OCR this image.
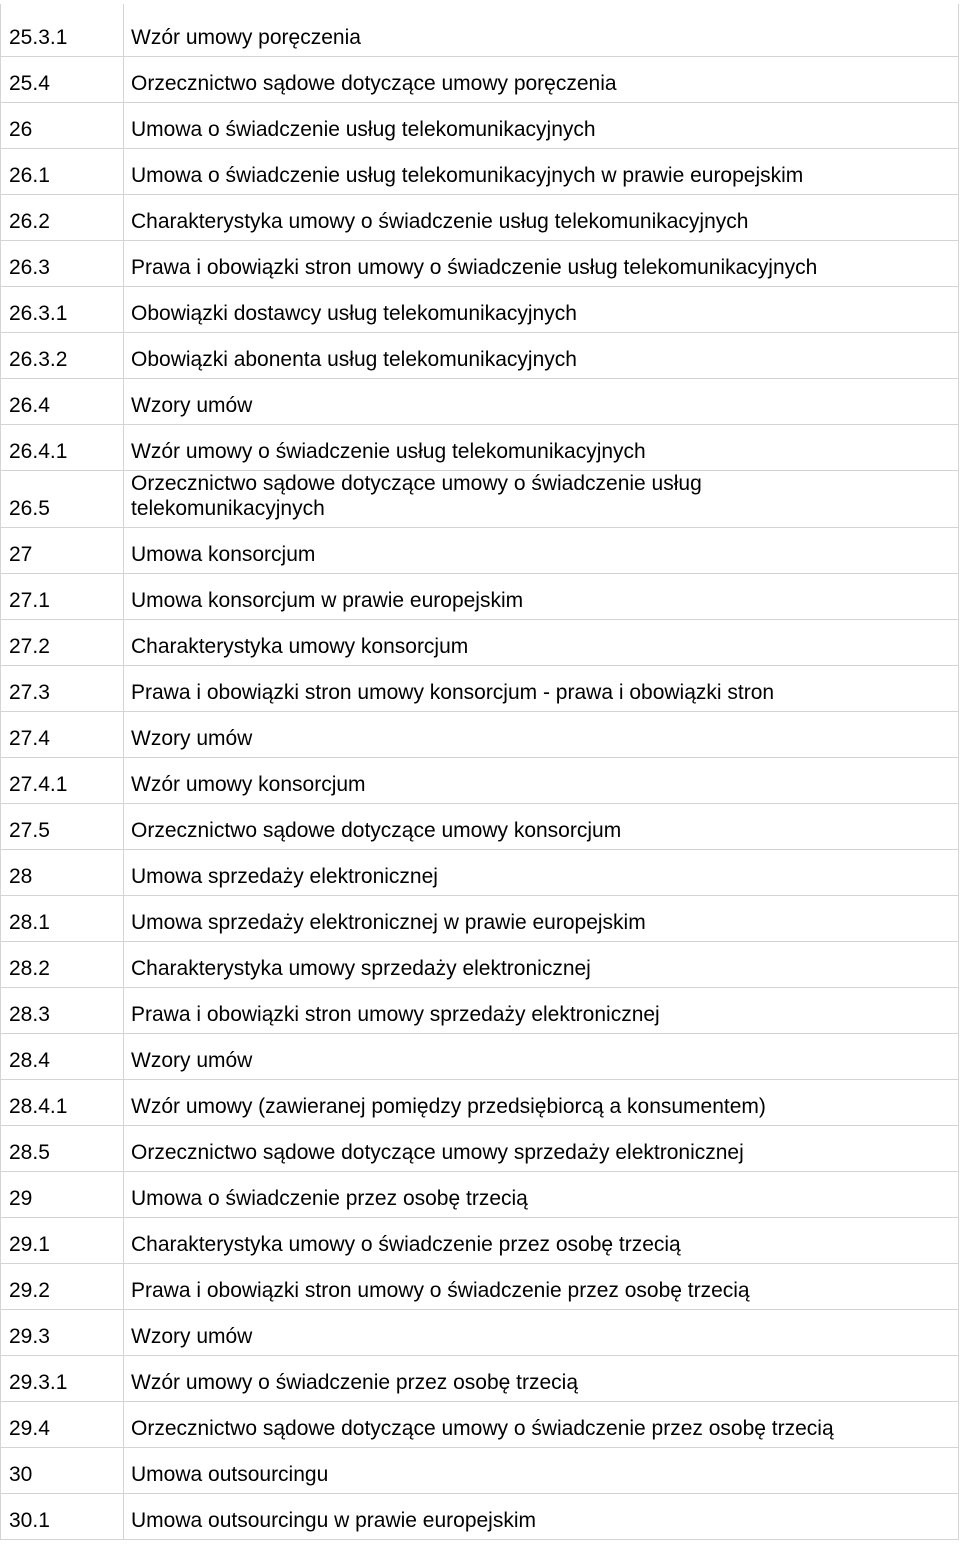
25.3.1	Wzór umowy poręczenia
25.4	Orzecznictwo sądowe dotyczące umowy poręczenia
26	Umowa o świadczenie usług telekomunikacyjnych
26.1	Umowa o świadczenie usług telekomunikacyjnych w prawie europejskim
26.2	Charakterystyka umowy o świadczenie usług telekomunikacyjnych
26.3	Prawa i obowiązki stron umowy o świadczenie usług telekomunikacyjnych
26.3.1	Obowiązki dostawcy usług telekomunikacyjnych
26.3.2	Obowiązki abonenta usług telekomunikacyjnych
26.4	Wzory umów
26.4.1	Wzór umowy o świadczenie usług telekomunikacyjnych
26.5	Orzecznictwo sądowe dotyczące umowy o świadczenie usług telekomunikacyjnych
27	Umowa konsorcjum
27.1	Umowa konsorcjum w prawie europejskim
27.2	Charakterystyka umowy konsorcjum
27.3	Prawa i obowiązki stron umowy konsorcjum - prawa i obowiązki stron
27.4	Wzory umów
27.4.1	Wzór umowy konsorcjum
27.5	Orzecznictwo sądowe dotyczące umowy konsorcjum
28	Umowa sprzedaży elektronicznej
28.1	Umowa sprzedaży elektronicznej w prawie europejskim
28.2	Charakterystyka umowy sprzedaży elektronicznej
28.3	Prawa i obowiązki stron umowy sprzedaży elektronicznej
28.4	Wzory umów
28.4.1	Wzór umowy (zawieranej pomiędzy przedsiębiorcą a konsumentem)
28.5	Orzecznictwo sądowe dotyczące umowy sprzedaży elektronicznej
29	Umowa o świadczenie przez osobę trzecią
29.1	Charakterystyka umowy o świadczenie przez osobę trzecią
29.2	Prawa i obowiązki stron umowy o świadczenie przez osobę trzecią
29.3	Wzory umów
29.3.1	Wzór umowy o świadczenie przez osobę trzecią
29.4	Orzecznictwo sądowe dotyczące umowy o świadczenie przez osobę trzecią
30	Umowa outsourcingu
30.1	Umowa outsourcingu w prawie europejskim
